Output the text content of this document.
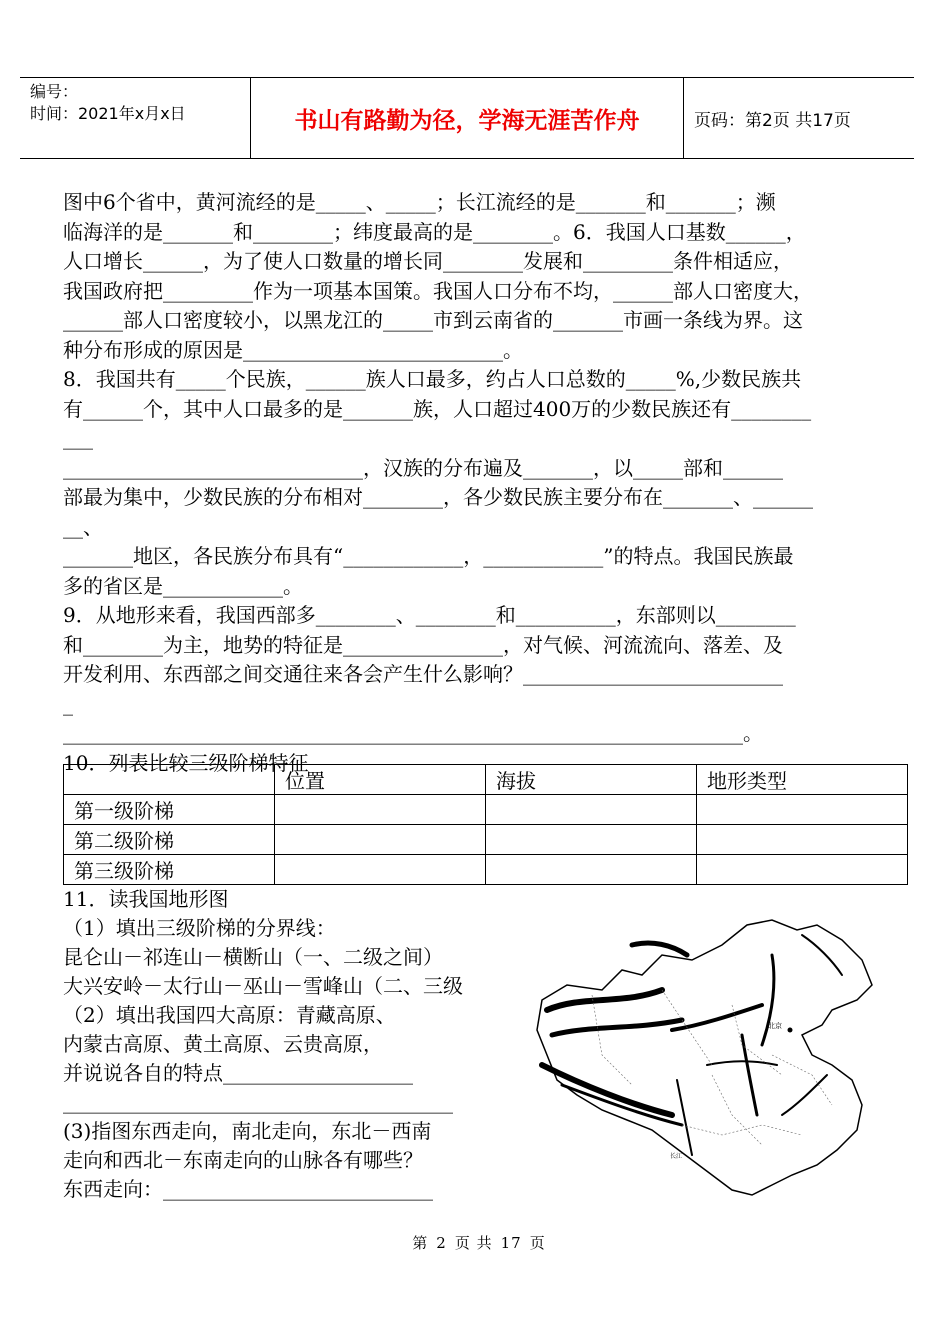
编号：
时间：2021年x月x日	书山有路勤为径，学海无涯苦作舟	页码：第2页 共17页

图中6个省中，黄河流经的是_____、_____；长江流经的是_______和_______；濒

临海洋的是_______和________；纬度最高的是________。6．我国人口基数______，

人口增长______，为了使人口数量的增长同________发展和_________条件相适应，

我国政府把_________作为一项基本国策。我国人口分布不均，______部人口密度大，

______部人口密度较小，以黑龙江的_____市到云南省的_______市画一条线为界。这

种分布形成的原因是__________________________。

8．我国共有_____个民族，______族人口最多，约占人口总数的_____%,少数民族共

有______个，其中人口最多的是_______族，人口超过400万的少数民族还有________

___

______________________________，汉族的分布遍及_______，以_____部和______

部最为集中，少数民族的分布相对________，各少数民族主要分布在_______、______

__、

_______地区，各民族分布具有“____________，____________”的特点。我国民族最

多的省区是____________。

9．从地形来看，我国西部多________、________和__________，东部则以________

和________为主，地势的特征是________________，对气候、河流流向、落差、及

开发利用、东西部之间交通往来各会产生什么影响？__________________________

_

____________________________________________________________________。

10．列表比较三级阶梯特征

	位置	海拔	地形类型
第一级阶梯			
第二级阶梯			
第三级阶梯			

11．读我国地形图

（1）填出三级阶梯的分界线：

昆仑山－祁连山－横断山（一、二级之间）

大兴安岭－太行山－巫山－雪峰山（二、三级

（2）填出我国四大高原：青藏高原、

内蒙古高原、黄土高原、云贵高原，

并说说各自的特点___________________

_______________________________________

(3)指图东西走向，南北走向，东北－西南

走向和西北－东南走向的山脉各有哪些？

东西走向：___________________________

北京
长江
第 2 页 共 17 页
